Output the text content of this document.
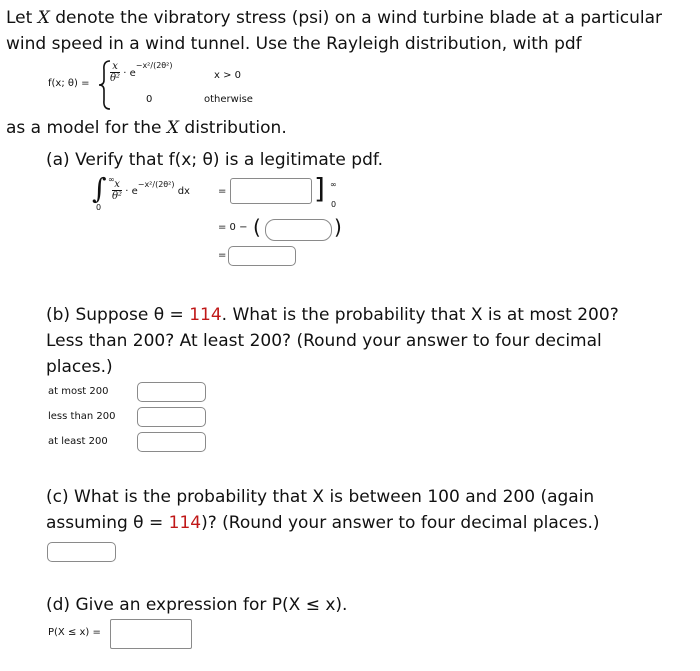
Let X denote the vibratory stress (psi) on a wind turbine blade at a particular
wind speed in a wind tunnel. Use the Rayleigh distribution, with pdf
f(x; $\theta) = \frac{x}{\text{θ²}} \cdot e^{-x^2/(2\theta^2)}$
x > 0
0	otherwise
as a model for the X distribution.
(a) Verify that f(x; θ) is a legitimate pdf.
∫ ∞
0
$\frac{x}{\text{θ²}} \cdot e^{-x^2/(2\theta^2)}$ dx	=	] ∞
0
= 0 − (	)
=
(b) Suppose θ = 114. What is the probability that X is at most 200?
Less than 200? At least 200? (Round your answer to four decimal
places.)
at most 200
less than 200
at least 200
(c) What is the probability that X is between 100 and 200 (again
assuming θ = 114)? (Round your answer to four decimal places.)
(d) Give an expression for P(X ≤ x).
P(X ≤ x) =
